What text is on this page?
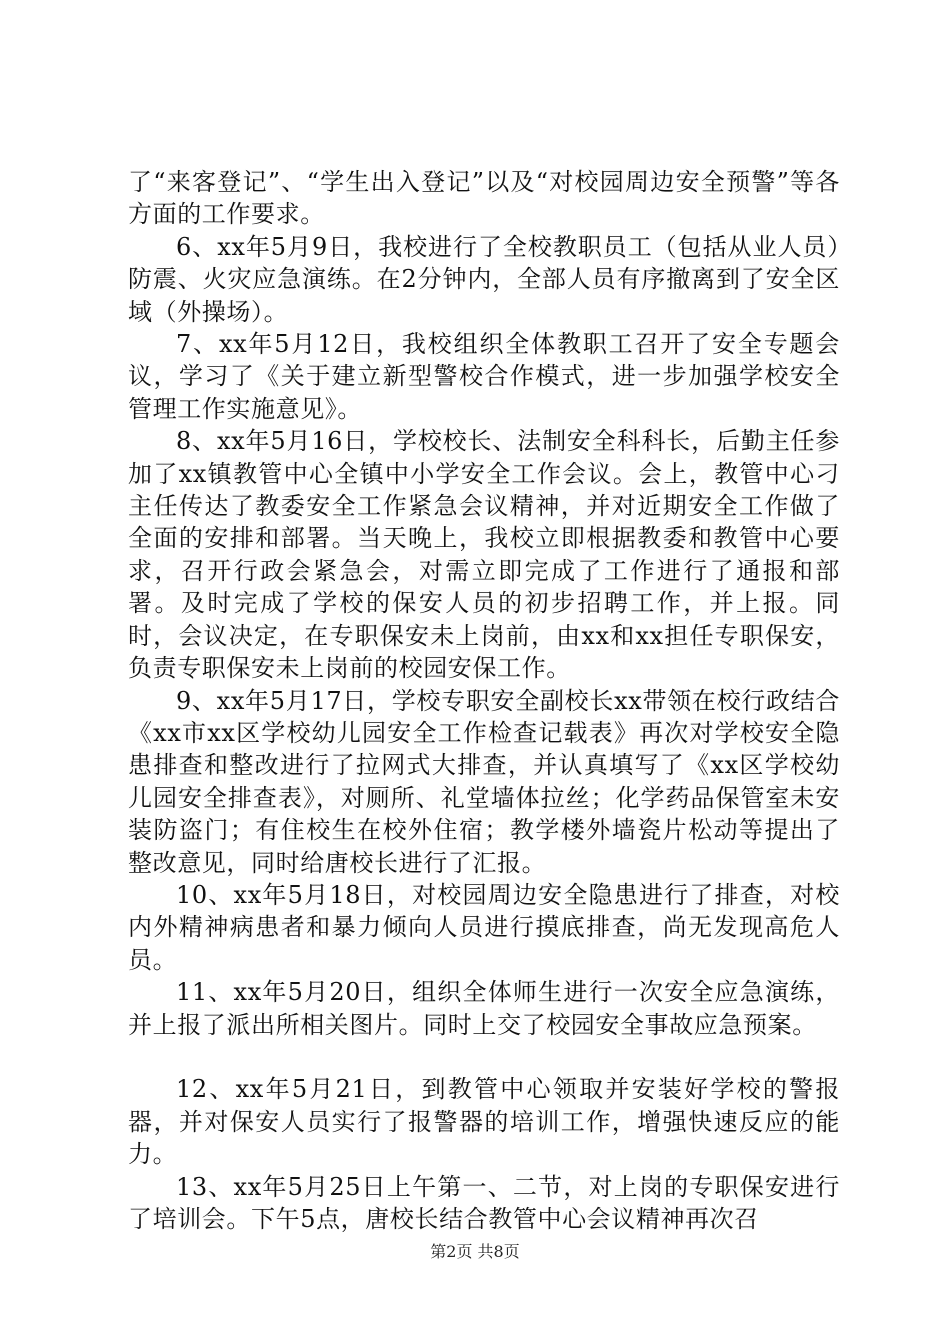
了“来客登记”、“学生出入登记”以及“对校园周边安全预警”等各方面的工作要求。

6、xx年5月9日，我校进行了全校教职员工（包括从业人员）防震、火灾应急演练。在2分钟内，全部人员有序撤离到了安全区域（外操场）。

7、xx年5月12日，我校组织全体教职工召开了安全专题会议，学习了《关于建立新型警校合作模式，进一步加强学校安全管理工作实施意见》。

8、xx年5月16日，学校校长、法制安全科科长，后勤主任参加了xx镇教管中心全镇中小学安全工作会议。会上，教管中心刁主任传达了教委安全工作紧急会议精神，并对近期安全工作做了全面的安排和部署。当天晚上，我校立即根据教委和教管中心要求，召开行政会紧急会，对需立即完成了工作进行了通报和部署。及时完成了学校的保安人员的初步招聘工作，并上报。同时，会议决定，在专职保安未上岗前，由xx和xx担任专职保安，负责专职保安未上岗前的校园安保工作。

9、xx年5月17日，学校专职安全副校长xx带领在校行政结合《xx市xx区学校幼儿园安全工作检查记载表》再次对学校安全隐患排查和整改进行了拉网式大排查，并认真填写了《xx区学校幼儿园安全排查表》，对厕所、礼堂墙体拉丝；化学药品保管室未安装防盗门；有住校生在校外住宿；教学楼外墙瓷片松动等提出了整改意见，同时给唐校长进行了汇报。

10、xx年5月18日，对校园周边安全隐患进行了排查，对校内外精神病患者和暴力倾向人员进行摸底排查，尚无发现高危人员。

11、xx年5月20日，组织全体师生进行一次安全应急演练，并上报了派出所相关图片。同时上交了校园安全事故应急预案。

12、xx年5月21日，到教管中心领取并安装好学校的警报器，并对保安人员实行了报警器的培训工作，增强快速反应的能力。

13、xx年5月25日上午第一、二节，对上岗的专职保安进行了培训会。下午5点，唐校长结合教管中心会议精神再次召

第2页 共8页
